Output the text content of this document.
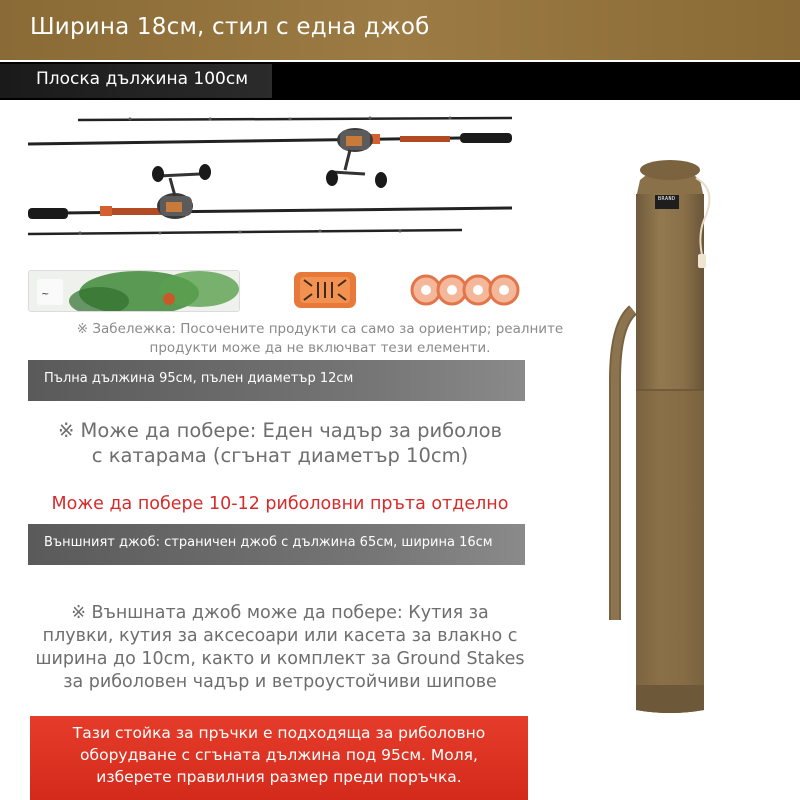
Ширина 18см, стил с една джоб
Плоска дължина 100см
~
※ Забележка: Посочените продукти са само за ориентир; реалните
продукти може да не включват тези елементи.
Пълна дължина 95см, пълен диаметър 12см
※ Може да побере: Еден чадър за риболов
с катарама (сгънат диаметър 10cm)
Може да побере 10-12 риболовни пръта отделно
Външният джоб: страничен джоб с дължина 65см, ширина 16см
※ Външната джоб може да побере: Кутия за
плувки, кутия за аксесоари или касета за влакно с
ширина до 10cm, както и комплект за Ground Stakes
за риболовен чадър и ветроустойчиви шипове
Тази стойка за пръчки е подходяща за риболовно
оборудване с сгъната дължина под 95см. Моля,
изберете правилния размер преди поръчка.
BRAND
